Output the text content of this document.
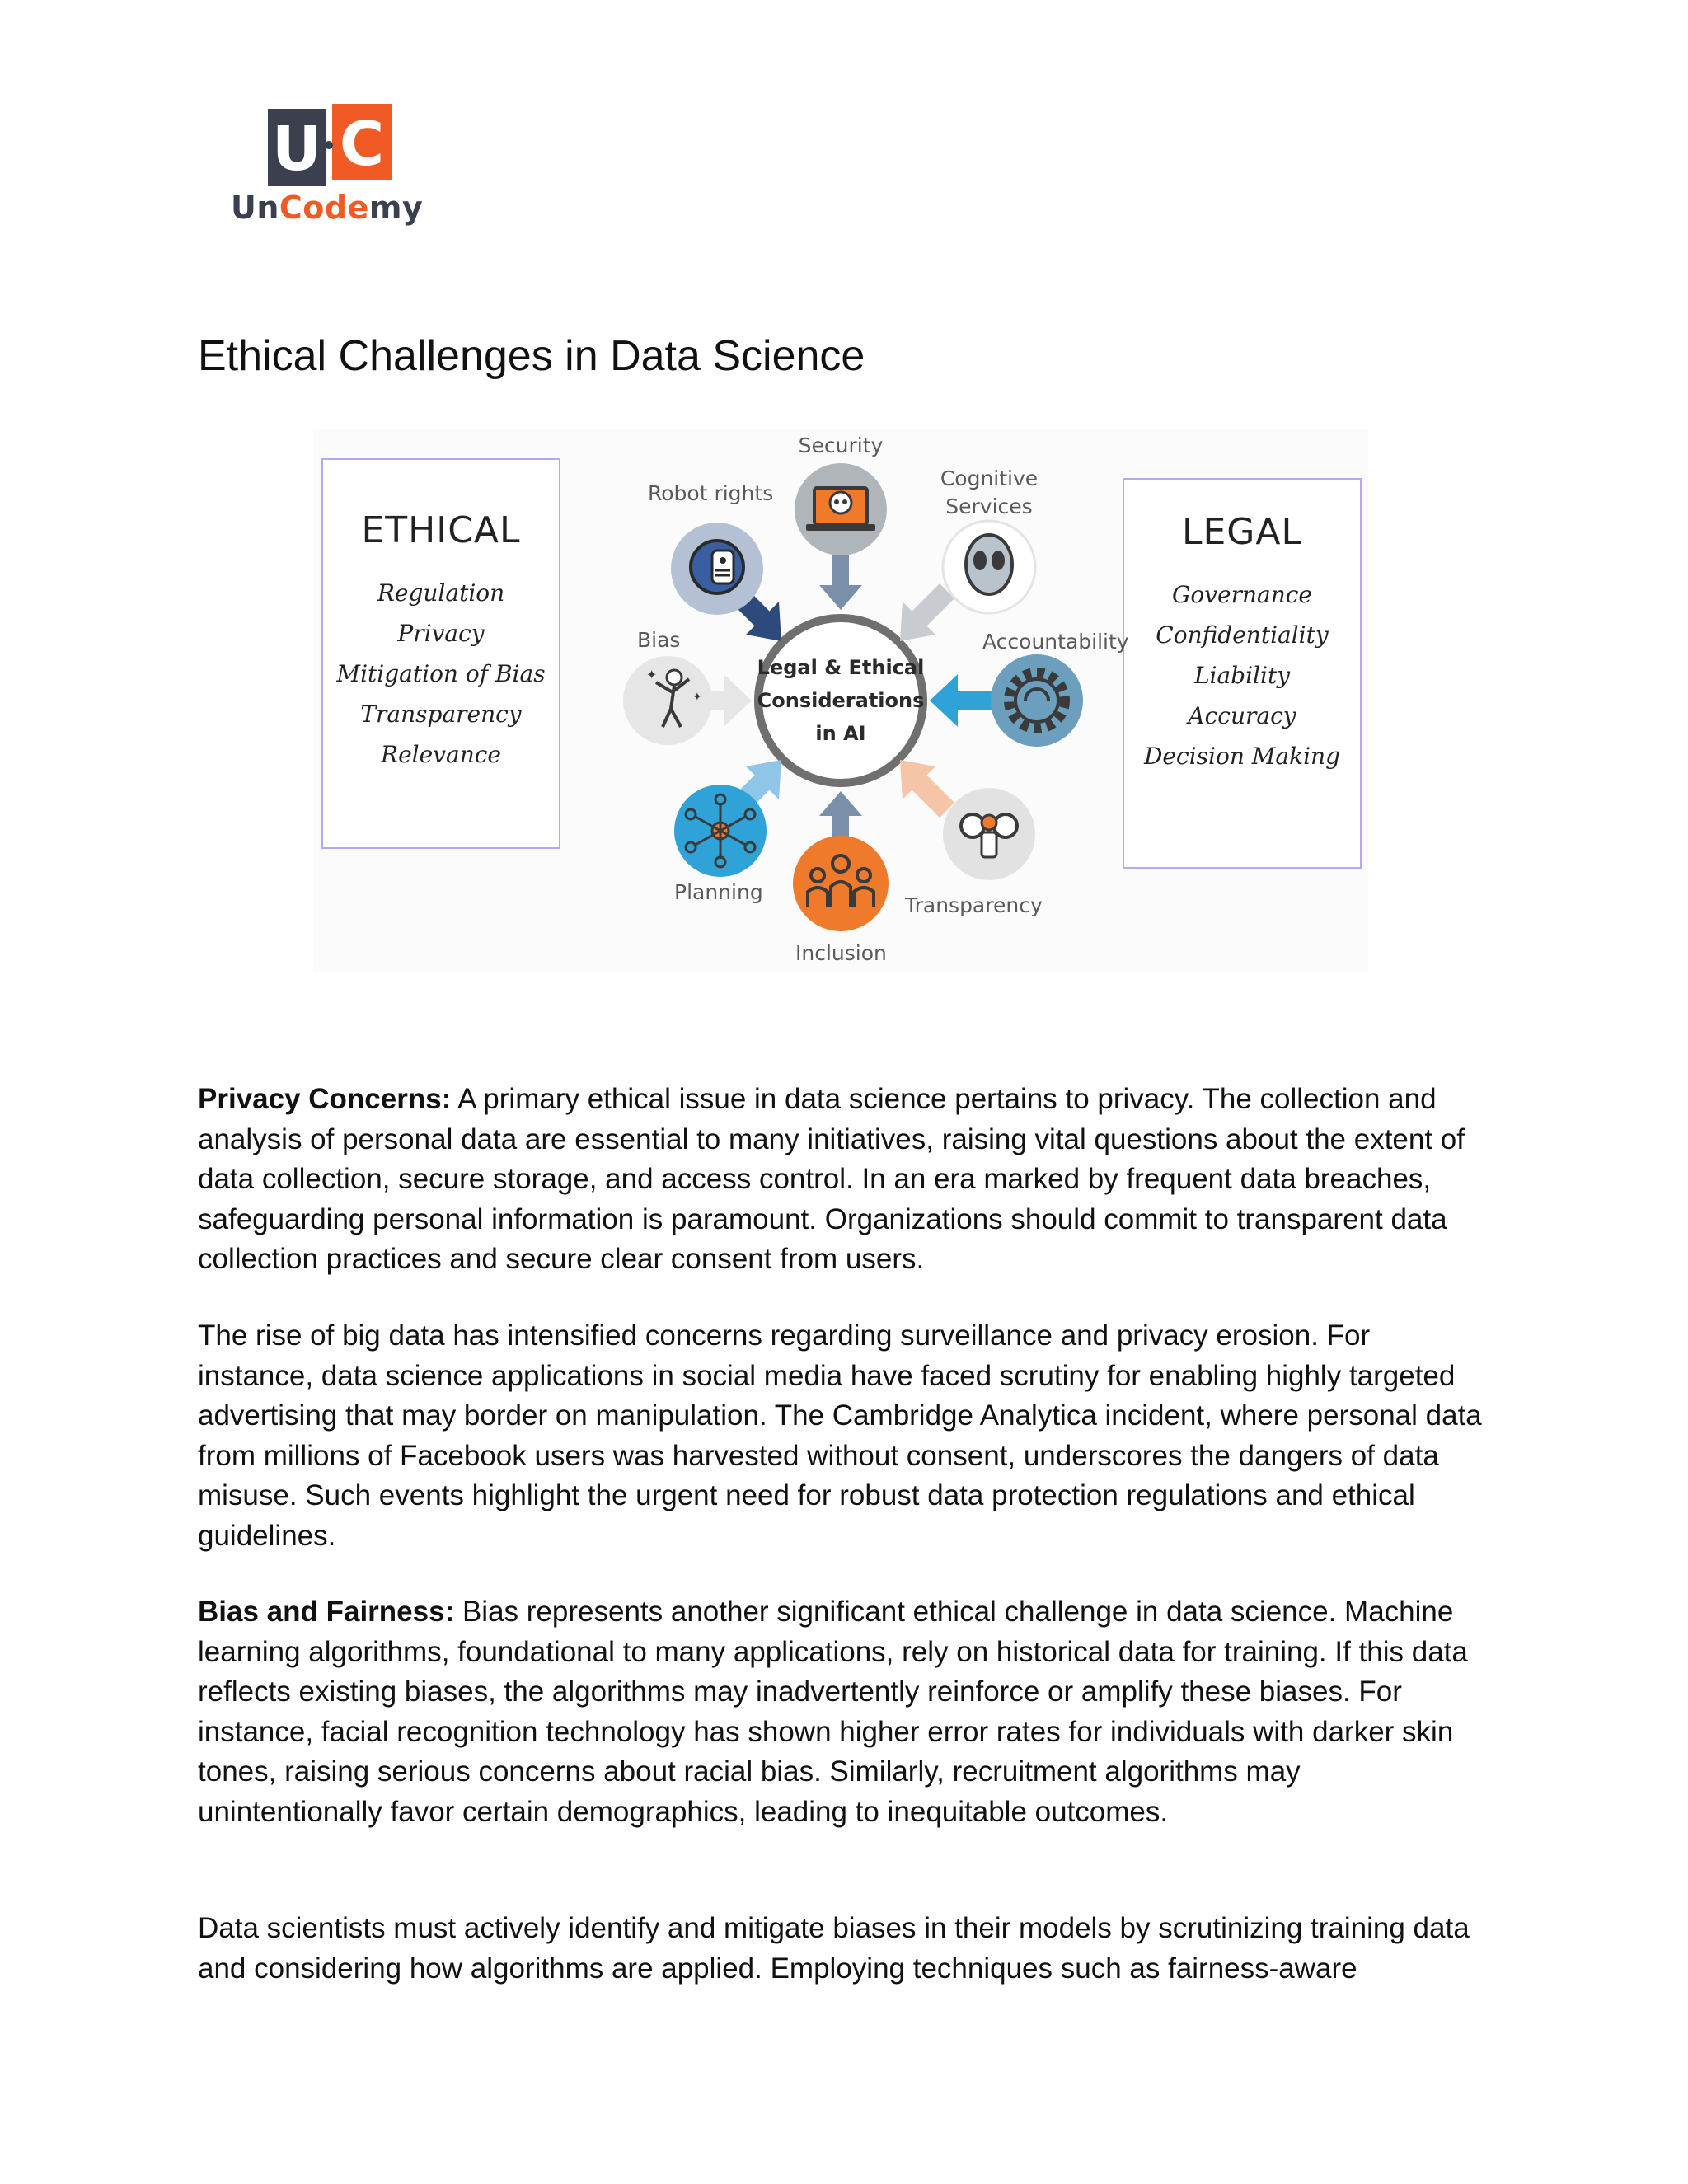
U C
UnCodemy
Ethical Challenges in Data Science
✦
✦
ETHICAL
Regulation
Privacy
Mitigation of Bias
Transparency
Relevance
LEGAL
Governance
Confidentiality
Liability
Accuracy
Decision Making
Legal & Ethical
Considerations
in AI
Security
Cognitive
Services
Accountability
Transparency
Inclusion
Planning
Bias
Robot rights

Privacy Concerns: A primary ethical issue in data science pertains to privacy. The collection and analysis of personal data are essential to many initiatives, raising vital questions about the extent of data collection, secure storage, and access control. In an era marked by frequent data breaches, safeguarding personal information is paramount. Organizations should commit to transparent data collection practices and secure clear consent from users.

The rise of big data has intensified concerns regarding surveillance and privacy erosion. For instance, data science applications in social media have faced scrutiny for enabling highly targeted advertising that may border on manipulation. The Cambridge Analytica incident, where personal data from millions of Facebook users was harvested without consent, underscores the dangers of data misuse. Such events highlight the urgent need for robust data protection regulations and ethical guidelines.

Bias and Fairness: Bias represents another significant ethical challenge in data science. Machine learning algorithms, foundational to many applications, rely on historical data for training. If this data reflects existing biases, the algorithms may inadvertently reinforce or amplify these biases. For instance, facial recognition technology has shown higher error rates for individuals with darker skin tones, raising serious concerns about racial bias. Similarly, recruitment algorithms may unintentionally favor certain demographics, leading to inequitable outcomes.

Data scientists must actively identify and mitigate biases in their models by scrutinizing training data and considering how algorithms are applied. Employing techniques such as fairness-aware
